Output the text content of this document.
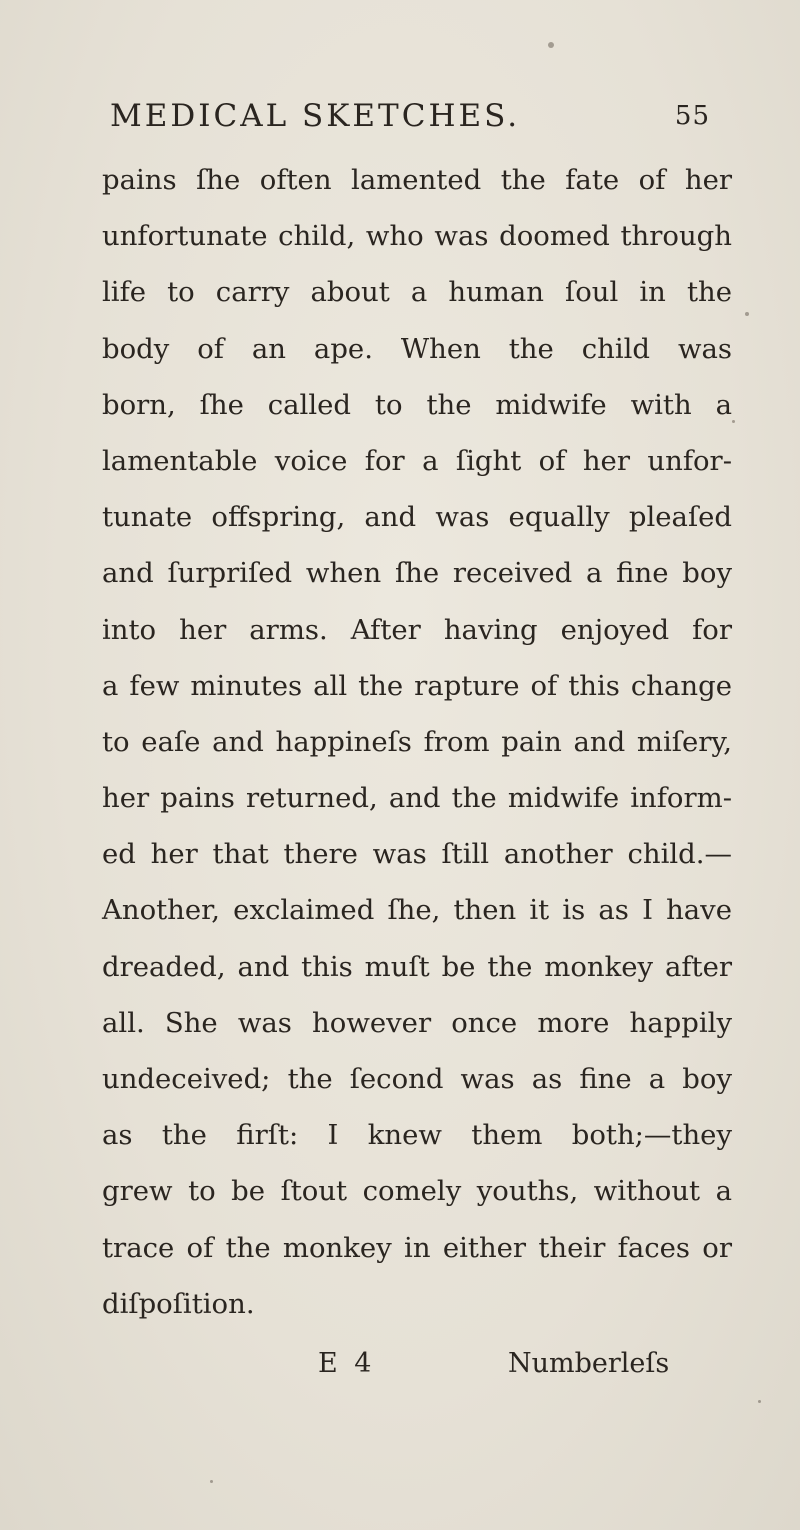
MEDICAL SKETCHES.	55
pains ſhe often lamented the fate of her
unfortunate child, who was doomed through
life to carry about a human ſoul in the
body of an ape. When the child was
born, ſhe called to the midwife with a
lamentable voice for a ſight of her unfor-
tunate offspring, and was equally pleaſed
and ſurpriſed when ſhe received a fine boy
into her arms. After having enjoyed for
a few minutes all the rapture of this change
to eaſe and happineſs from pain and miſery,
her pains returned, and the midwife inform-
ed her that there was ſtill another child.—
Another, exclaimed ſhe, then it is as I have
dreaded, and this muſt be the monkey after
all. She was however once more happily
undeceived; the ſecond was as fine a boy
as the firſt: I knew them both;—they
grew to be ſtout comely youths, without a
trace of the monkey in either their faces or
diſpoſition.
E 4	Numberleſs
